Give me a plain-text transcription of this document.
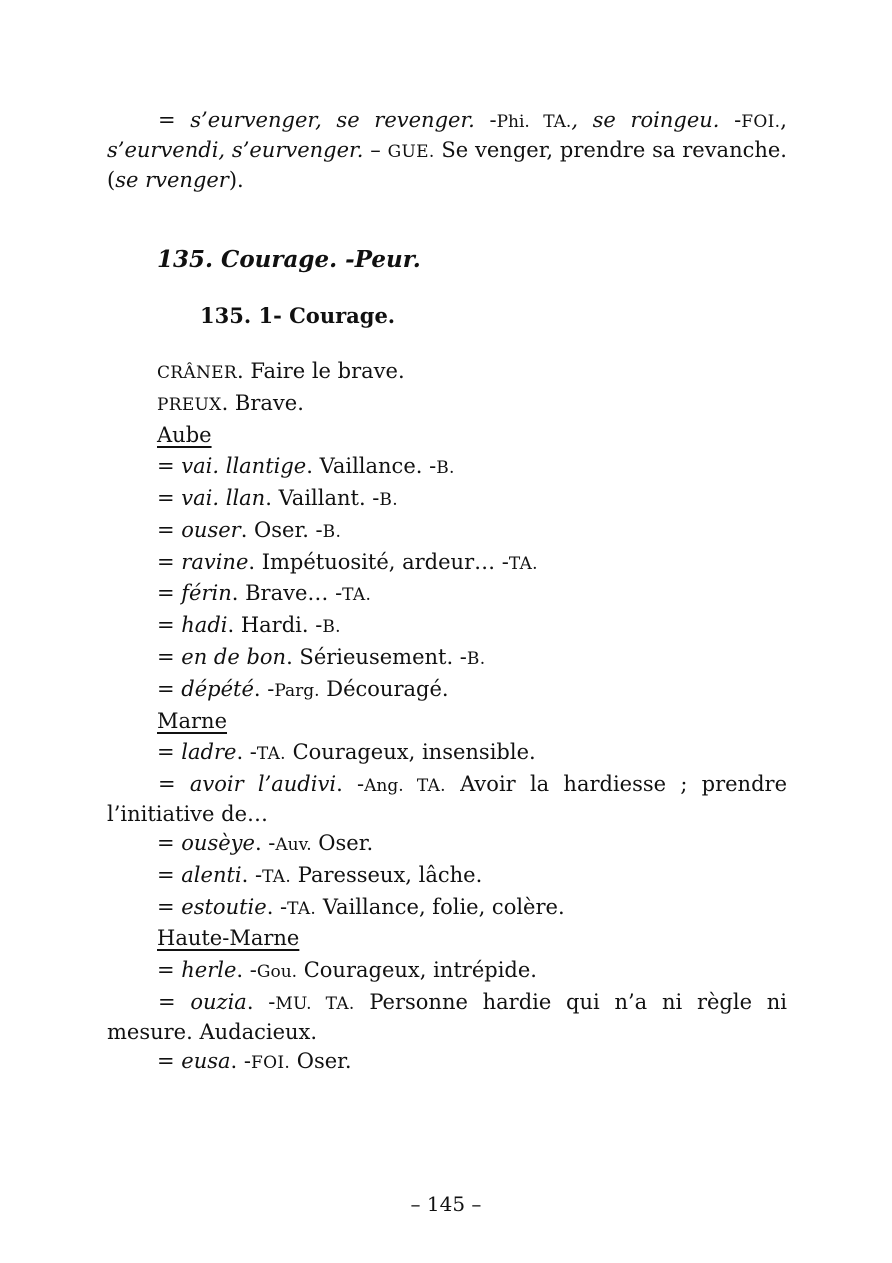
= s’eurvenger, se revenger. -Phi. TA., se roingeu. -FOI., s’eurvendi, s’eurvenger. – GUE. Se venger, prendre sa revanche. (se rvenger).
135. Courage. -Peur.
135. 1- Courage.
CRÂNER. Faire le brave.
PREUX. Brave.
Aube
= vai. llantige. Vaillance. -B.
= vai. llan. Vaillant. -B.
= ouser. Oser. -B.
= ravine. Impétuosité, ardeur… -TA.
= férin. Brave… -TA.
= hadi. Hardi. -B.
= en de bon. Sérieusement. -B.
= dépété. -Parg. Découragé.
Marne
= ladre. -TA. Courageux, insensible.
= avoir l’audivi. -Ang. TA. Avoir la hardiesse ; prendre l’initiative de…
= ousèye. -Auv. Oser.
= alenti. -TA. Paresseux, lâche.
= estoutie. -TA. Vaillance, folie, colère.
Haute-Marne
= herle. -Gou. Courageux, intrépide.
= ouzia. -MU. TA. Personne hardie qui n’a ni règle ni mesure. Audacieux.
= eusa. -FOI. Oser.
– 145 –
